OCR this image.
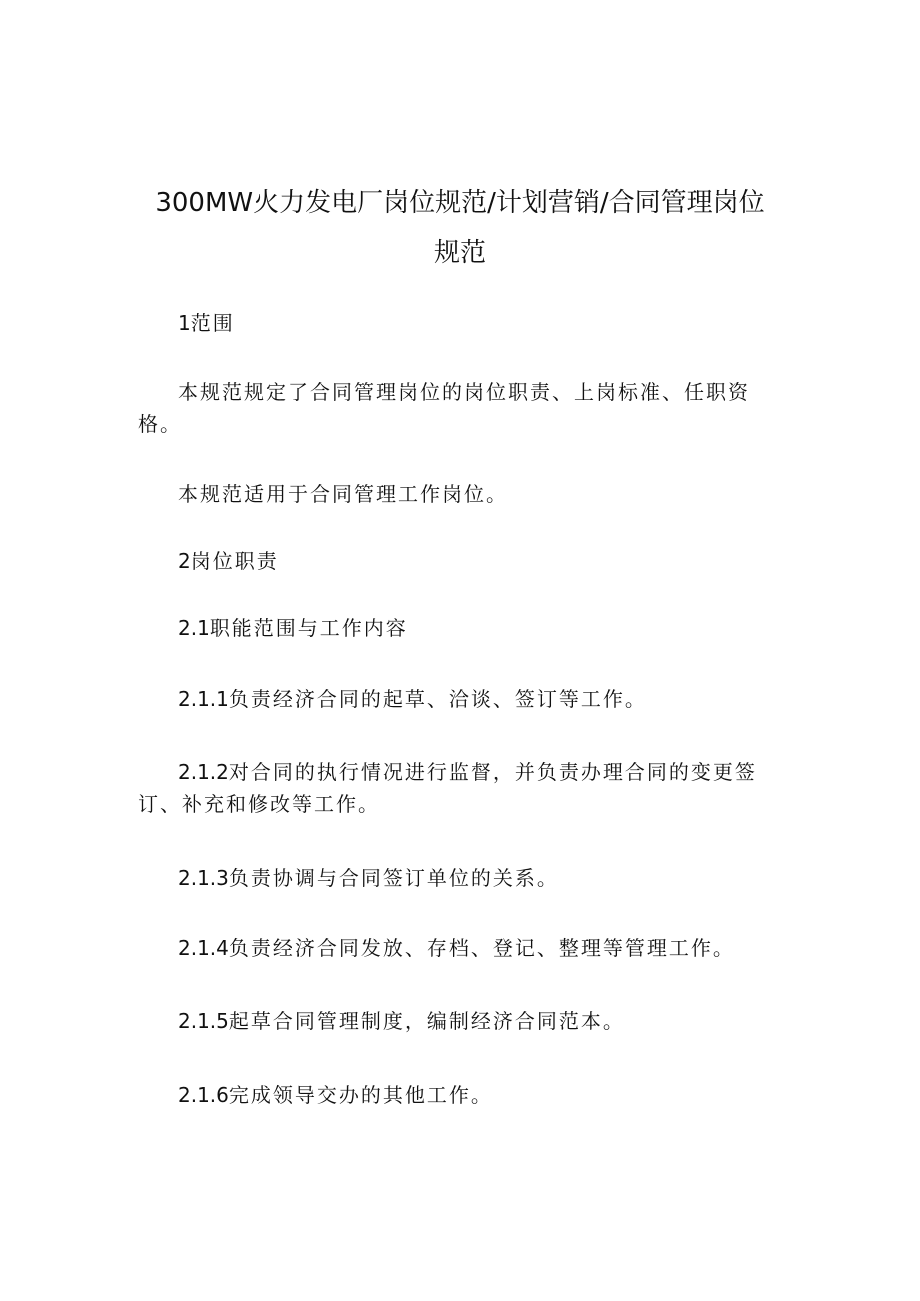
300MW火力发电厂岗位规范/计划营销/合同管理岗位规范
1范围
本规范规定了合同管理岗位的岗位职责、上岗标准、任职资格。
本规范适用于合同管理工作岗位。
2岗位职责
2.1职能范围与工作内容
2.1.1负责经济合同的起草、洽谈、签订等工作。
2.1.2对合同的执行情况进行监督，并负责办理合同的变更签订、补充和修改等工作。
2.1.3负责协调与合同签订单位的关系。
2.1.4负责经济合同发放、存档、登记、整理等管理工作。
2.1.5起草合同管理制度，编制经济合同范本。
2.1.6完成领导交办的其他工作。
